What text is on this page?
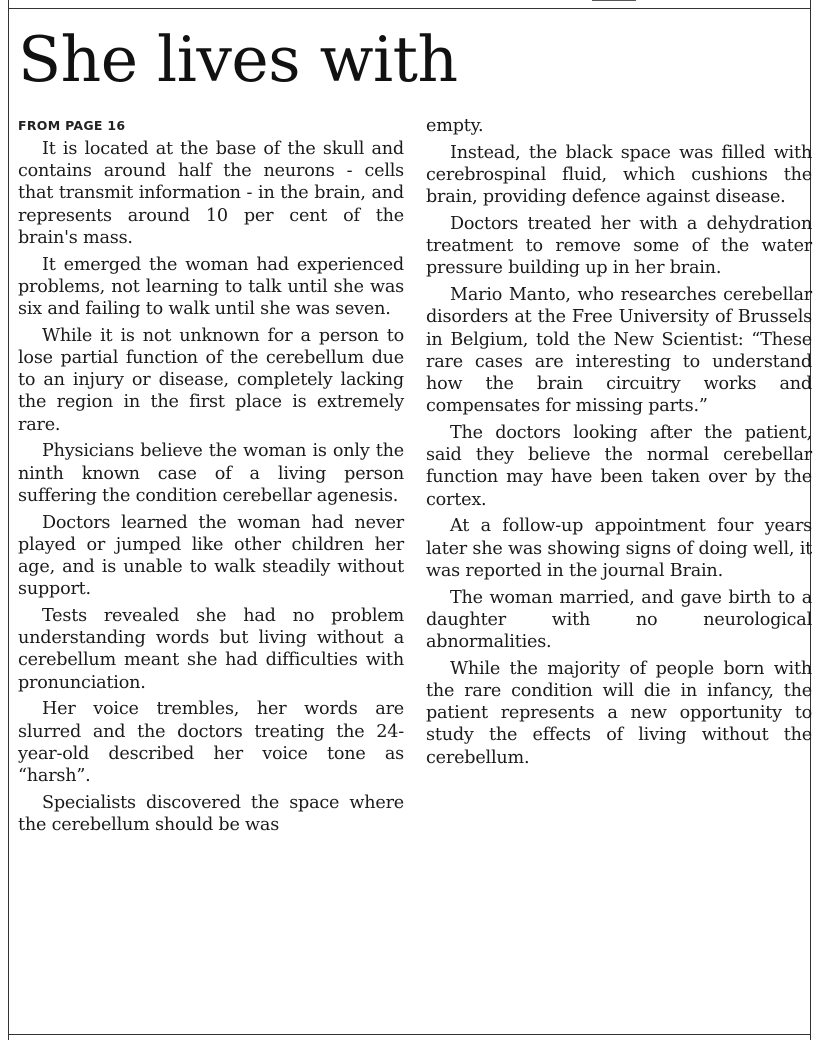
She lives with
FROM PAGE 16

It is located at the base of the skull and contains around half the neurons - cells that transmit information - in the brain, and represents around 10 per cent of the brain's mass.

It emerged the woman had experienced problems, not learning to talk until she was six and failing to walk until she was seven.

While it is not unknown for a person to lose partial function of the cerebellum due to an injury or disease, completely lacking the region in the first place is extremely rare.

Physicians believe the woman is only the ninth known case of a living person suffering the condition cerebellar agenesis.

Doctors learned the woman had never played or jumped like other children her age, and is unable to walk steadily without support.

Tests revealed she had no problem understanding words but living without a cerebellum meant she had difficulties with pronunciation.

Her voice trembles, her words are slurred and the doctors treating the 24-year-old described her voice tone as “harsh”.

Specialists discovered the space where the cerebellum should be was

empty.

Instead, the black space was filled with cerebrospinal fluid, which cushions the brain, providing defence against disease.

Doctors treated her with a dehydration treatment to remove some of the water pressure building up in her brain.

Mario Manto, who researches cerebellar disorders at the Free University of Brussels in Belgium, told the New Scientist: “These rare cases are interesting to understand how the brain circuitry works and compensates for missing parts.”

The doctors looking after the patient, said they believe the normal cerebellar function may have been taken over by the cortex.

At a follow-up appointment four years later she was showing signs of doing well, it was reported in the journal Brain.

The woman married, and gave birth to a daughter with no neurological abnormalities.

While the majority of people born with the rare condition will die in infancy, the patient represents a new opportunity to study the effects of living without the cerebellum.
